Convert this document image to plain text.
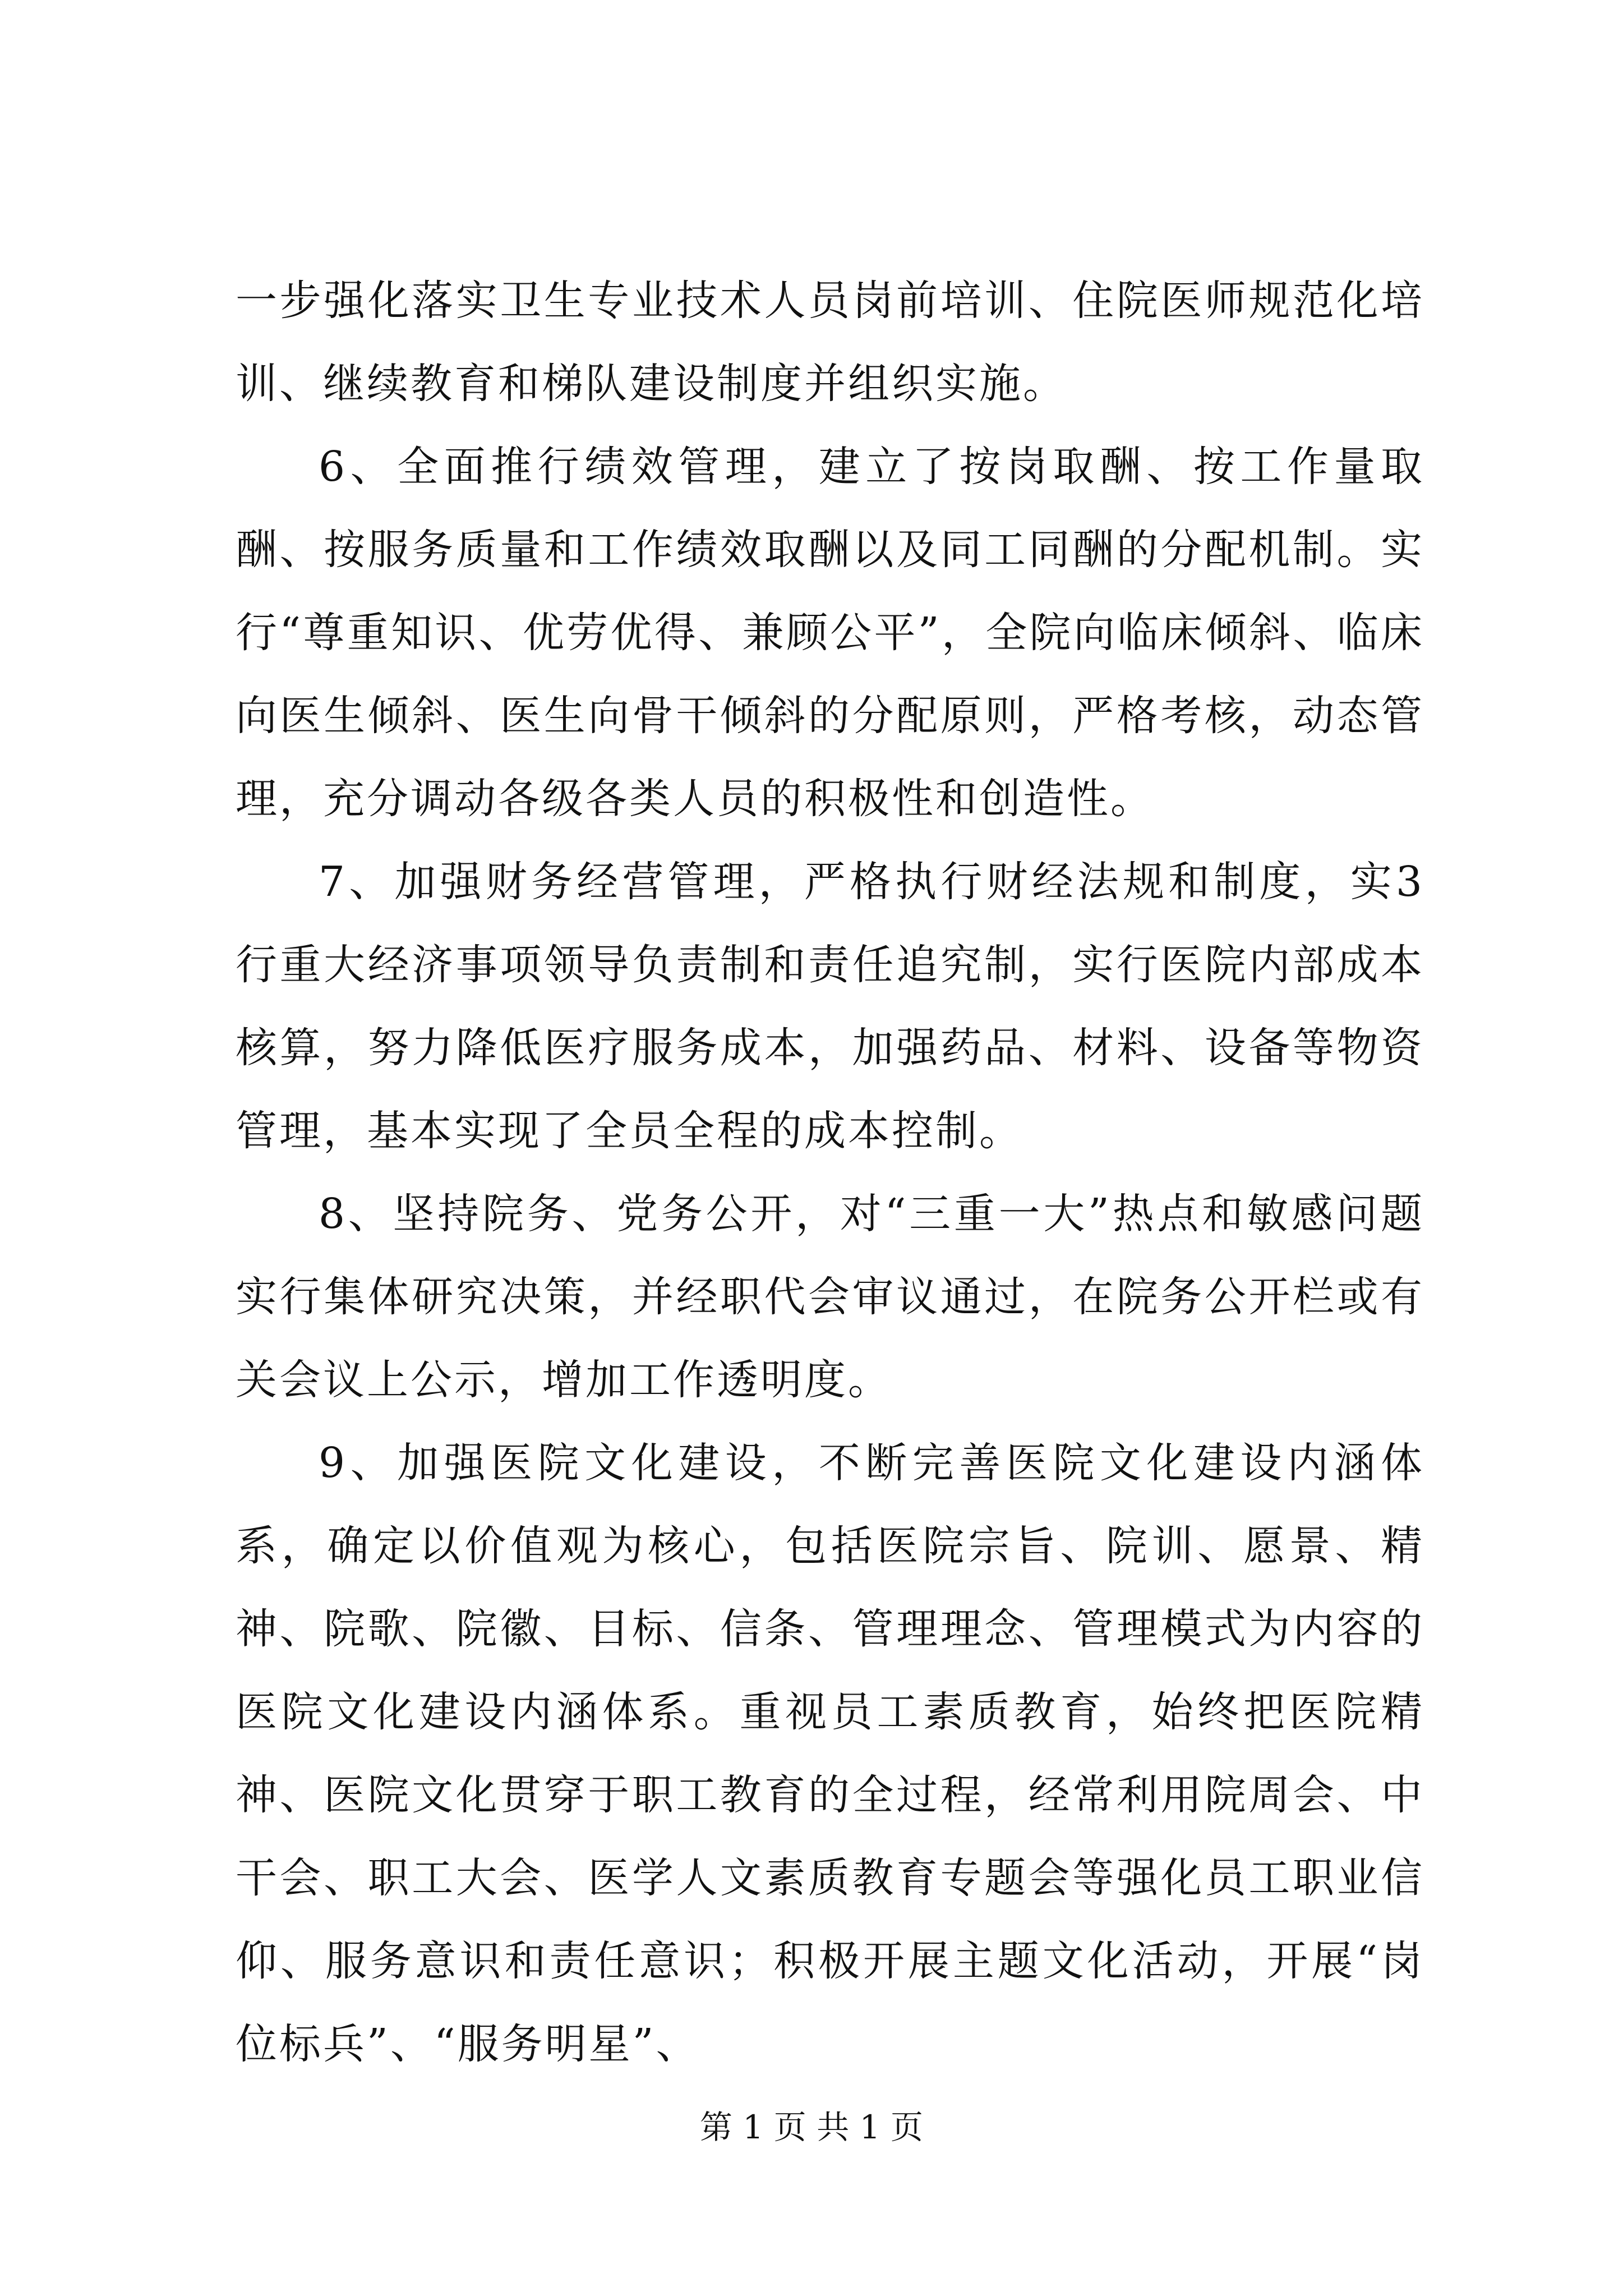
一步强化落实卫生专业技术人员岗前培训、住院医师规范化培训、继续教育和梯队建设制度并组织实施。

6、全面推行绩效管理，建立了按岗取酬、按工作量取酬、按服务质量和工作绩效取酬以及同工同酬的分配机制。实行“尊重知识、优劳优得、兼顾公平”，全院向临床倾斜、临床向医生倾斜、医生向骨干倾斜的分配原则，严格考核，动态管理，充分调动各级各类人员的积极性和创造性。

7、加强财务经营管理，严格执行财经法规和制度，实3行重大经济事项领导负责制和责任追究制，实行医院内部成本核算，努力降低医疗服务成本，加强药品、材料、设备等物资管理，基本实现了全员全程的成本控制。

8、坚持院务、党务公开，对“三重一大”热点和敏感问题实行集体研究决策，并经职代会审议通过，在院务公开栏或有关会议上公示，增加工作透明度。

9、加强医院文化建设，不断完善医院文化建设内涵体系，确定以价值观为核心，包括医院宗旨、院训、愿景、精神、院歌、院徽、目标、信条、管理理念、管理模式为内容的医院文化建设内涵体系。重视员工素质教育，始终把医院精神、医院文化贯穿于职工教育的全过程，经常利用院周会、中干会、职工大会、医学人文素质教育专题会等强化员工职业信仰、服务意识和责任意识；积极开展主题文化活动，开展“岗位标兵”、“服务明星”、

第 1 页 共 1 页
